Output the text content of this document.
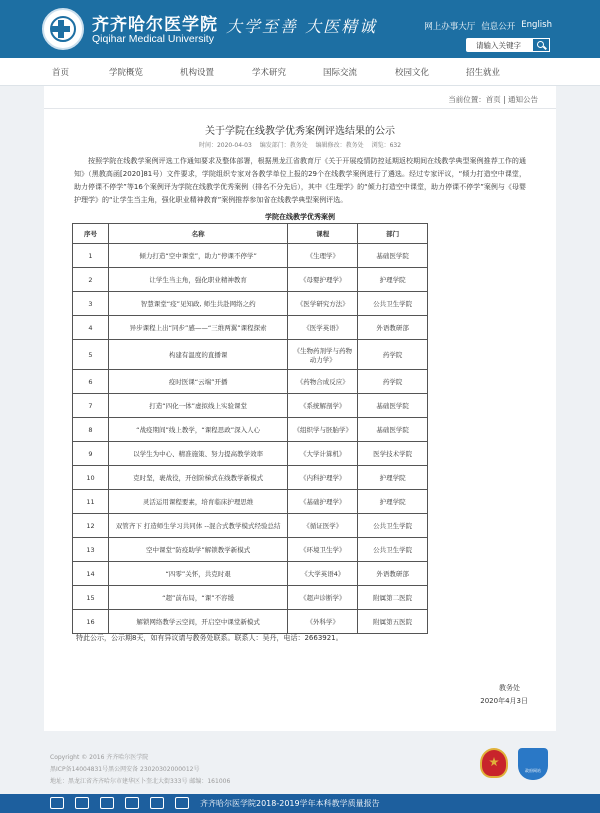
齐齐哈尔医学院
Qiqihar Medical University
大学至善 大医精诚	网上办事大厅 信息公开 English
请输入关键字
首页	学院概览	机构设置	学术研究	国际交流	校园文化	招生就业
当前位置：首页 | 通知公告
关于学院在线教学优秀案例评选结果的公示
时间：2020-04-03 编发部门：教务处 编辑修改：教务处 浏览：632
按照学院在线教学案例评选工作通知要求及整体部署，根据黑龙江省教育厅《关于开展疫情防控延期返校期间在线教学典型案例推荐工作的通知》（黑教高函[2020]81号）文件要求，学院组织专家对各教学单位上报的29个在线教学案例进行了遴选。经过专家评议，“倾力打造空中课堂，助力停课不停学”等16个案例评为学院在线教学优秀案例（排名不分先后），其中《生理学》的“倾力打造空中课堂，助力停课不停学”案例与《母婴护理学》的“让学生当主角，强化职业精神教育”案例推荐参加省在线教学典型案例评选。
学院在线教学优秀案例
序号	名称	课程	部门
1	倾力打造“空中课堂”，助力“停课不停学”	《生理学》	基础医学院
2	让学生当主角，强化职业精神教育	《母婴护理学》	护理学院
3	智慧课堂“疫”见知政, 师生共赴网络之约	《医学研究方法》	公共卫生学院
4	异步课程上出“同步”感——“三维两翼”课程探索	《医学英语》	外语教研部
5	构建有温度的直播课	《生物药剂学与药物动力学》	药学院
6	疫时医课“云端”开播	《药物合成反应》	药学院
7	打造“四化一体”虚拟线上实验课堂	《系统解剖学》	基础医学院
8	“战疫期间”线上教学，“课程思政”深入人心	《组织学与胚胎学》	基础医学院
9	以学生为中心、精准施策、努力提高教学效率	《大学计算机》	医学技术学院
10	克时坚，裹战役，开创阶梯式在线教学新模式	《内科护理学》	护理学院
11	灵活运用课程要素，培育临床护理思维	《基础护理学》	护理学院
12	双管齐下 打造师生学习共同体 --混合式教学模式经验总结	《循证医学》	公共卫生学院
13	空中课堂“防疫助学”解锁教学新模式	《环境卫生学》	公共卫生学院
14	“四零”关怀，共克时艰	《大学英语4》	外语教研部
15	“超”前布局，“课”不容缓	《超声诊断学》	附属第二医院
16	解锁网络教学云空间，开启空中课堂新模式	《外科学》	附属第五医院
特此公示，公示期8天，如有异议请与教务处联系。联系人：吴丹，电话：2663921。
教务处
2020年4月3日
Copyright © 2016 齐齐哈尔医学院
黑ICP备14004831号黑公网安备 23020302000012号
地址：黑龙江省齐齐哈尔市建华区卜奎北大街333号 邮编：161006
政府网站
齐齐哈尔医学院2018-2019学年本科教学质量报告
